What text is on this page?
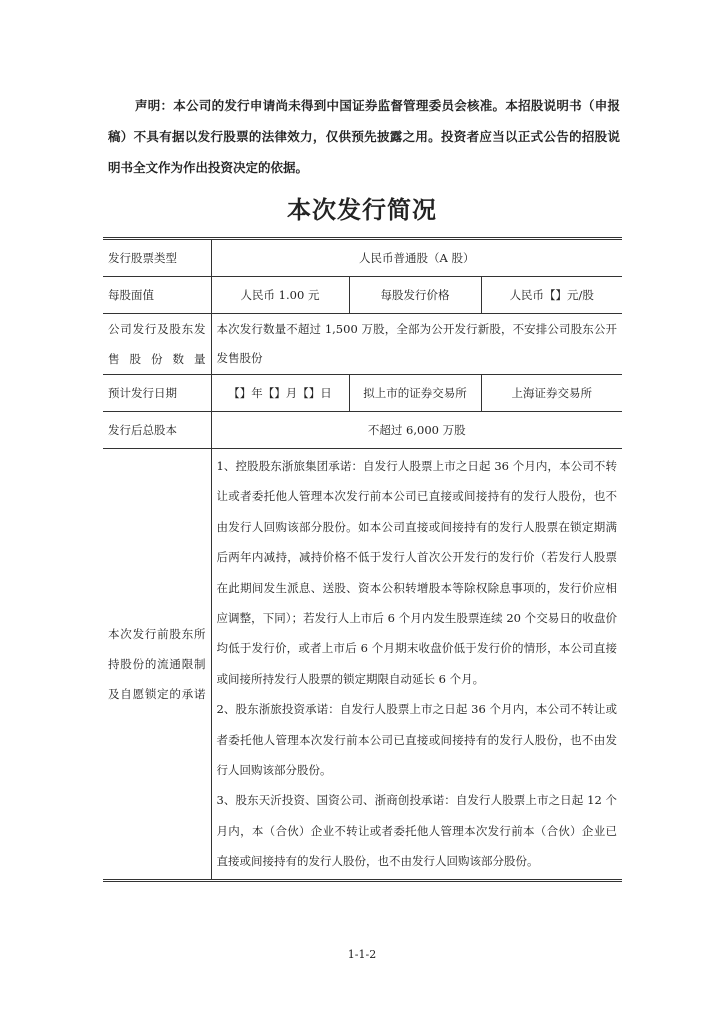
声明：本公司的发行申请尚未得到中国证券监督管理委员会核准。本招股说明书（申报稿）不具有据以发行股票的法律效力，仅供预先披露之用。投资者应当以正式公告的招股说明书全文作为作出投资决定的依据。

本次发行简况
发行股票类型	人民币普通股（A 股）		
每股面值	人民币 1.00 元	每股发行价格	人民币【】元/股
公司发行及股东发售股份数量	本次发行数量不超过 1,500 万股，全部为公开发行新股，不安排公司股东公开发售股份		
预计发行日期	【】年【】月【】日	拟上市的证券交易所	上海证券交易所
发行后总股本	不超过 6,000 万股		
本次发行前股东所持股份的流通限制及自愿锁定的承诺	1、控股股东浙旅集团承诺：自发行人股票上市之日起 36 个月内，本公司不转让或者委托他人管理本次发行前本公司已直接或间接持有的发行人股份，也不由发行人回购该部分股份。如本公司直接或间接持有的发行人股票在锁定期满后两年内减持，减持价格不低于发行人首次公开发行的发行价（若发行人股票在此期间发生派息、送股、资本公积转增股本等除权除息事项的，发行价应相应调整，下同）；若发行人上市后 6 个月内发生股票连续 20 个交易日的收盘价均低于发行价，或者上市后 6 个月期末收盘价低于发行价的情形，本公司直接或间接所持发行人股票的锁定期限自动延长 6 个月。

2、股东浙旅投资承诺：自发行人股票上市之日起 36 个月内，本公司不转让或者委托他人管理本次发行前本公司已直接或间接持有的发行人股份，也不由发行人回购该部分股份。

3、股东天沂投资、国资公司、浙商创投承诺：自发行人股票上市之日起 12 个月内，本（合伙）企业不转让或者委托他人管理本次发行前本（合伙）企业已直接或间接持有的发行人股份，也不由发行人回购该部分股份。		

1-1-2
